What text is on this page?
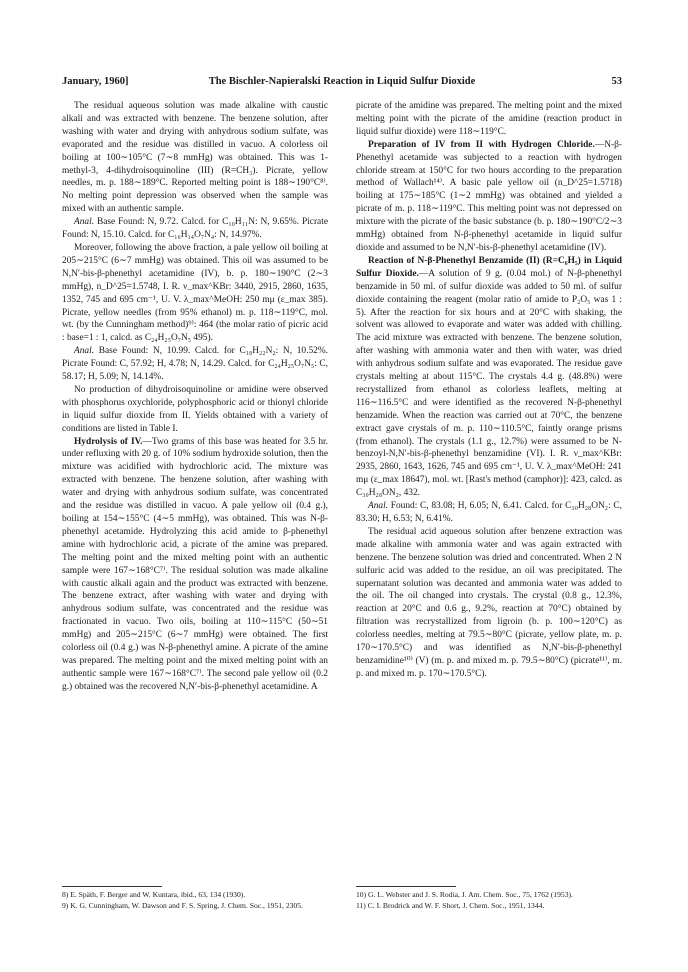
January, 1960]	The Bischler-Napieralski Reaction in Liquid Sulfur Dioxide	53

The residual aqueous solution was made alkaline with caustic alkali and was extracted with benzene. The benzene solution, after washing with water and drying with anhydrous sodium sulfate, was evaporated and the residue was distilled in vacuo. A colorless oil boiling at 100∼105°C (7∼8 mmHg) was obtained. This was 1-methyl-3, 4-dihydroisoquinoline (III) (R=CH₃). Picrate, yellow needles, m. p. 188∼189°C. Reported melting point is 188∼190°C⁸⁾. No melting point depression was observed when the sample was mixed with an authentic sample.

Anal. Base Found: N, 9.72. Calcd. for C₁₀H₁₁N: N, 9.65%. Picrate Found: N, 15.10. Calcd. for C₁₆H₁₄O₇N₄: N, 14.97%.

Moreover, following the above fraction, a pale yellow oil boiling at 205∼215°C (6∼7 mmHg) was obtained. This oil was assumed to be N,N′-bis-β-phenethyl acetamidine (IV), b. p. 180∼190°C (2∼3 mmHg), n_D^25=1.5748, I. R. ν_max^KBr: 3440, 2915, 2860, 1635, 1352, 745 and 695 cm⁻¹, U. V. λ_max^MeOH: 250 mμ (ε_max 385). Picrate, yellow needles (from 95% ethanol) m. p. 118∼119°C, mol. wt. (by the Cunningham method)⁹⁾: 464 (the molar ratio of picric acid : base=1 : 1, calcd. as C₂₄H₂₅O₇N₅ 495).

Anal. Base Found: N, 10.99. Calcd. for C₁₈H₂₂N₂: N, 10.52%. Picrate Found: C, 57.92; H, 4.78; N, 14.29. Calcd. for C₂₄H₂₅O₇N₅: C, 58.17; H, 5.09; N, 14.14%.

No production of dihydroisoquinoline or amidine were observed with phosphorus oxychloride, polyphosphoric acid or thionyl chloride in liquid sulfur dioxide from II. Yields obtained with a variety of conditions are listed in Table I.

Hydrolysis of IV.—Two grams of this base was heated for 3.5 hr. under refluxing with 20 g. of 10% sodium hydroxide solution, then the mixture was acidified with hydrochloric acid. The mixture was extracted with benzene. The benzene solution, after washing with water and drying with anhydrous sodium sulfate, was concentrated and the residue was distilled in vacuo. A pale yellow oil (0.4 g.), boiling at 154∼155°C (4∼5 mmHg), was obtained. This was N-β-phenethyl acetamide. Hydrolyzing this acid amide to β-phenethyl amine with hydrochloric acid, a picrate of the amine was prepared. The melting point and the mixed melting point with an authentic sample were 167∼168°C⁷⁾. The residual solution was made alkaline with caustic alkali again and the product was extracted with benzene. The benzene extract, after washing with water and drying with anhydrous sodium sulfate, was concentrated and the residue was fractionated in vacuo. Two oils, boiling at 110∼115°C (50∼51 mmHg) and 205∼215°C (6∼7 mmHg) were obtained. The first colorless oil (0.4 g.) was N-β-phenethyl amine. A picrate of the amine was prepared. The melting point and the mixed melting point with an authentic sample were 167∼168°C⁷⁾. The second pale yellow oil (0.2 g.) obtained was the recovered N,N′-bis-β-phenethyl acetamidine. A

picrate of the amidine was prepared. The melting point and the mixed melting point with the picrate of the amidine (reaction product in liquid sulfur dioxide) were 118∼119°C.

Preparation of IV from II with Hydrogen Chloride.—N-β-Phenethyl acetamide was subjected to a reaction with hydrogen chloride stream at 150°C for two hours according to the preparation method of Wallach¹⁴⁾. A basic pale yellow oil (n_D^25=1.5718) boiling at 175∼185°C (1∼2 mmHg) was obtained and yielded a picrate of m. p. 118∼119°C. This melting point was not depressed on mixture with the picrate of the basic substance (b. p. 180∼190°C/2∼3 mmHg) obtained from N-β-phenethyl acetamide in liquid sulfur dioxide and assumed to be N,N′-bis-β-phenethyl acetamidine (IV).

Reaction of N-β-Phenethyl Benzamide (II) (R=C₆H₅) in Liquid Sulfur Dioxide.—A solution of 9 g. (0.04 mol.) of N-β-phenethyl benzamide in 50 ml. of sulfur dioxide was added to 50 ml. of sulfur dioxide containing the reagent (molar ratio of amide to P₂O₅ was 1 : 5). After the reaction for six hours and at 20°C with shaking, the solvent was allowed to evaporate and water was added with chilling. The acid mixture was extracted with benzene. The benzene solution, after washing with ammonia water and then with water, was dried with anhydrous sodium sulfate and was evaporated. The residue gave crystals melting at about 115°C. The crystals 4.4 g. (48.8%) were recrystallized from ethanol as colorless leaflets, melting at 116∼116.5°C and were identified as the recovered N-β-phenethyl benzamide. When the reaction was carried out at 70°C, the benzene extract gave crystals of m. p. 110∼110.5°C, faintly orange prisms (from ethanol). The crystals (1.1 g., 12.7%) were assumed to be N-benzoyl-N,N′-bis-β-phenethyl benzamidine (VI). I. R. ν_max^KBr: 2935, 2860, 1643, 1626, 745 and 695 cm⁻¹, U. V. λ_max^MeOH: 241 mμ (ε_max 18647), mol. wt. [Rast's method (camphor)]: 423, calcd. as C₃₀H₂₈ON₂, 432.

Anal. Found: C, 83.08; H, 6.05; N, 6.41. Calcd. for C₃₀H₂₈ON₂: C, 83.30; H, 6.53; N, 6.41%.

The residual acid aqueous solution after benzene extraction was made alkaline with ammonia water and was again extracted with benzene. The benzene solution was dried and concentrated. When 2 N sulfuric acid was added to the residue, an oil was precipitated. The supernatant solution was decanted and ammonia water was added to the oil. The oil changed into crystals. The crystal (0.8 g., 12.3%, reaction at 20°C and 0.6 g., 9.2%, reaction at 70°C) obtained by filtration was recrystallized from ligroin (b. p. 100∼120°C) as colorless needles, melting at 79.5∼80°C (picrate, yellow plate, m. p. 170∼170.5°C) and was identified as N,N′-bis-β-phenethyl benzamidine¹⁰⁾ (V) (m. p. and mixed m. p. 79.5∼80°C) (picrate¹¹⁾, m. p. and mixed m. p. 170∼170.5°C).

8) E. Späth, F. Berger and W. Kuntara, ibid., 63, 134 (1930).
9) K. G. Cunningham, W. Dawson and F. S. Spring, J. Chem. Soc., 1951, 2305.
10) G. L. Webster and J. S. Rodia, J. Am. Chem. Soc., 75, 1762 (1953).
11) C. I. Brodrick and W. F. Short, J. Chem. Soc., 1951, 1344.
